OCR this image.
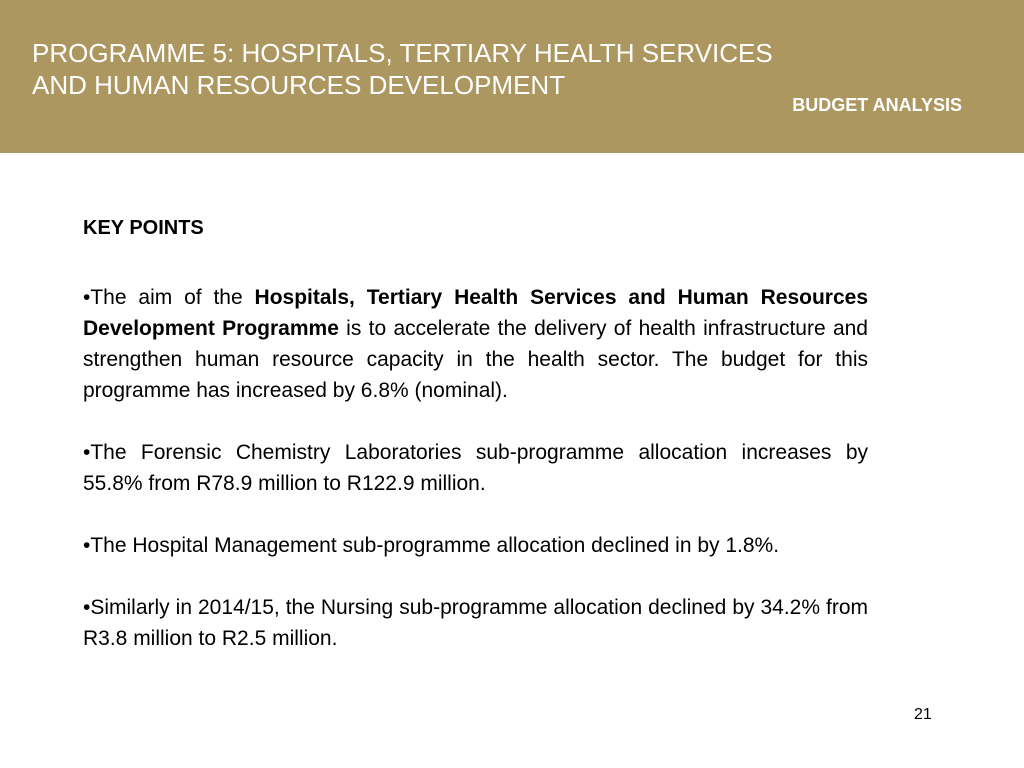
PROGRAMME 5: HOSPITALS, TERTIARY HEALTH SERVICES
AND HUMAN RESOURCES DEVELOPMENT
BUDGET ANALYSIS
KEY POINTS

•The aim of the Hospitals, Tertiary Health Services and Human Resources Development Programme is to accelerate the delivery of health infrastructure and strengthen human resource capacity in the health sector. The budget for this programme has increased by 6.8% (nominal).

•The Forensic Chemistry Laboratories sub-programme allocation increases by 55.8% from R78.9 million to R122.9 million.

•The Hospital Management sub-programme allocation declined in by 1.8%.

•Similarly in 2014/15, the Nursing sub-programme allocation declined by 34.2% from R3.8 million to R2.5 million.

21
